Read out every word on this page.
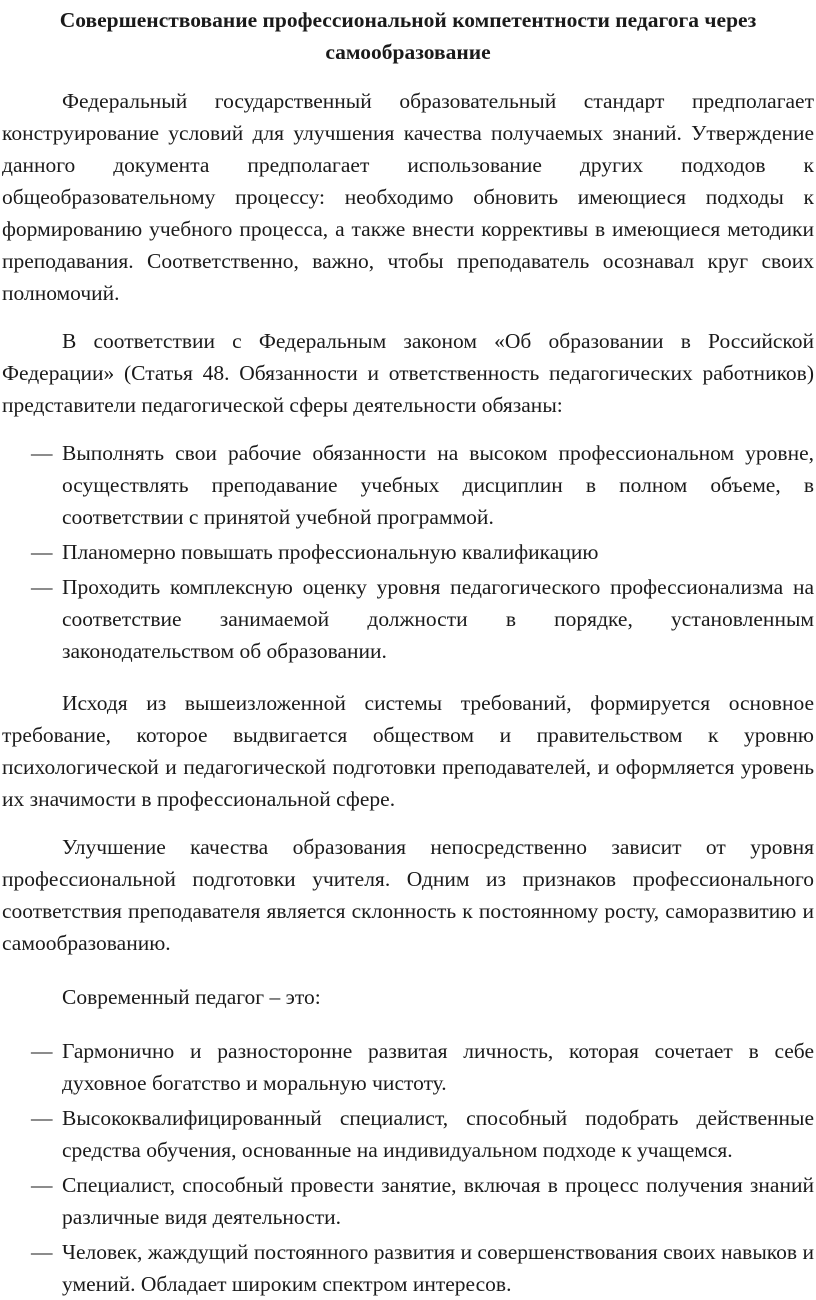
Совершенствование профессиональной компетентности педагога через самообразование

Федеральный государственный образовательный стандарт предполагает конструирование условий для улучшения качества получаемых знаний. Утверждение данного документа предполагает использование других подходов к общеобразовательному процессу: необходимо обновить имеющиеся подходы к формированию учебного процесса, а также внести коррективы в имеющиеся методики преподавания. Соответственно, важно, чтобы преподаватель осознавал круг своих полномочий.

В соответствии с Федеральным законом «Об образовании в Российской Федерации» (Статья 48. Обязанности и ответственность педагогических работников) представители педагогической сферы деятельности обязаны:

— Выполнять свои рабочие обязанности на высоком профессиональном уровне, осуществлять преподавание учебных дисциплин в полном объеме, в соответствии с принятой учебной программой.
— Планомерно повышать профессиональную квалификацию
— Проходить комплексную оценку уровня педагогического профессионализма на соответствие занимаемой должности в порядке, установленным законодательством об образовании.

Исходя из вышеизложенной системы требований, формируется основное требование, которое выдвигается обществом и правительством к уровню психологической и педагогической подготовки преподавателей, и оформляется уровень их значимости в профессиональной сфере.

Улучшение качества образования непосредственно зависит от уровня профессиональной подготовки учителя. Одним из признаков профессионального соответствия преподавателя является склонность к постоянному росту, саморазвитию и самообразованию.

Современный педагог – это:

— Гармонично и разносторонне развитая личность, которая сочетает в себе духовное богатство и моральную чистоту.
— Высококвалифицированный специалист, способный подобрать действенные средства обучения, основанные на индивидуальном подходе к учащемся.
— Специалист, способный провести занятие, включая в процесс получения знаний различные видя деятельности.
— Человек, жаждущий постоянного развития и совершенствования своих навыков и умений. Обладает широким спектром интересов.
